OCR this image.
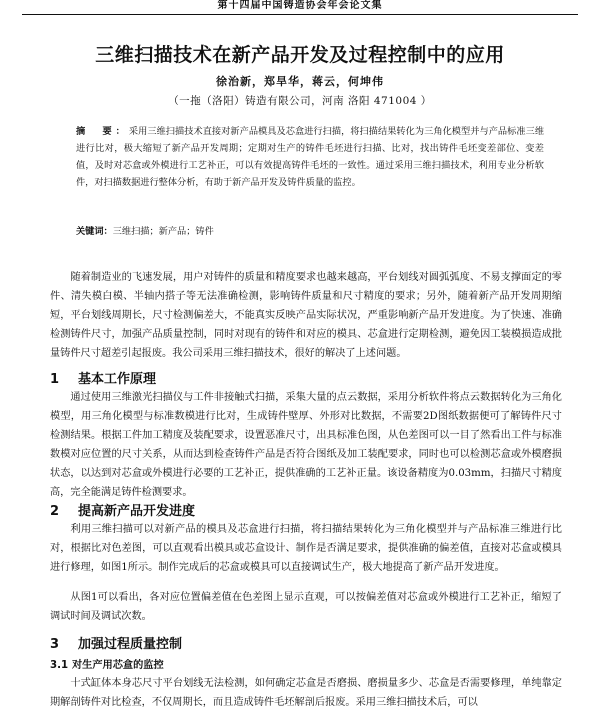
第十四届中国铸造协会年会论文集
三维扫描技术在新产品开发及过程控制中的应用
徐治新，郑旱华，蒋云，何坤伟
（一拖（洛阳）铸造有限公司，河南 洛阳 471004 ）
摘　要：采用三维扫描技术直接对新产品模具及芯盒进行扫描，将扫描结果转化为三角化模型并与产品标准三维进行比对，极大缩短了新产品开发周期；定期对生产的铸件毛坯进行扫描、比对，找出铸件毛坯变差部位、变差值，及时对芯盒或外模进行工艺补正，可以有效提高铸件毛坯的一致性。通过采用三维扫描技术，利用专业分析软件，对扫描数据进行整体分析，有助于新产品开发及铸件质量的监控。
关键词：三维扫描；新产品；铸件
随着制造业的飞速发展，用户对铸件的质量和精度要求也越来越高，平台划线对圆弧弧度、不易支撑面定的零件、清失模白模、半轴内搭子等无法准确检测，影响铸件质量和尺寸精度的要求；另外，随着新产品开发周期缩短，平台划线周期长，尺寸检测偏差大，不能真实反映产品实际状况，严重影响新产品开发进度。为了快速、准确检测铸件尺寸，加强产品质量控制，同时对现有的铸件和对应的模具、芯盒进行定期检测，避免因工装模损造成批量铸件尺寸超差引起报废。我公司采用三维扫描技术，很好的解决了上述问题。
1 基本工作原理
通过使用三维激光扫描仪与工件非接触式扫描，采集大量的点云数据，采用分析软件将点云数据转化为三角化模型，用三角化模型与标准数模进行比对，生成铸件壁厚、外形对比数据，不需要2D图纸数据便可了解铸件尺寸检测结果。根据工件加工精度及装配要求，设置恶准尺寸，出具标准色图，从色差图可以一目了然看出工件与标准数模对应位置的尺寸关系，从而达到检查铸件产品是否符合图纸及加工装配要求，同时也可以检测芯盒或外模磨损状态，以达到对芯盒或外模进行必要的工艺补正，提供准确的工艺补正量。该设备精度为0.03mm，扫描尺寸精度高，完全能满足铸件检测要求。
2 提高新产品开发进度
利用三维扫描可以对新产品的模具及芯盒进行扫描，将扫描结果转化为三角化模型并与产品标准三维进行比对，根据比对色差图，可以直观看出模具或芯盒设计、制作是否满足要求，提供准确的偏差值，直接对芯盒或模具进行修理，如图1所示。制作完成后的芯盒或模具可以直接调试生产，极大地提高了新产品开发进度。
从图1可以看出，各对应位置偏差值在色差图上显示直观，可以按偏差值对芯盒或外模进行工艺补正，缩短了调试时间及调试次数。
3 加强过程质量控制
3.1 对生产用芯盒的监控
十式缸体本身芯尺寸平台划线无法检测，如何确定芯盒是否磨损、磨损量多少、芯盒是否需要修理，单纯靠定期解剖铸件对比检查，不仅周期长，而且造成铸件毛坯解剖后报废。采用三维扫描技术后，可以
